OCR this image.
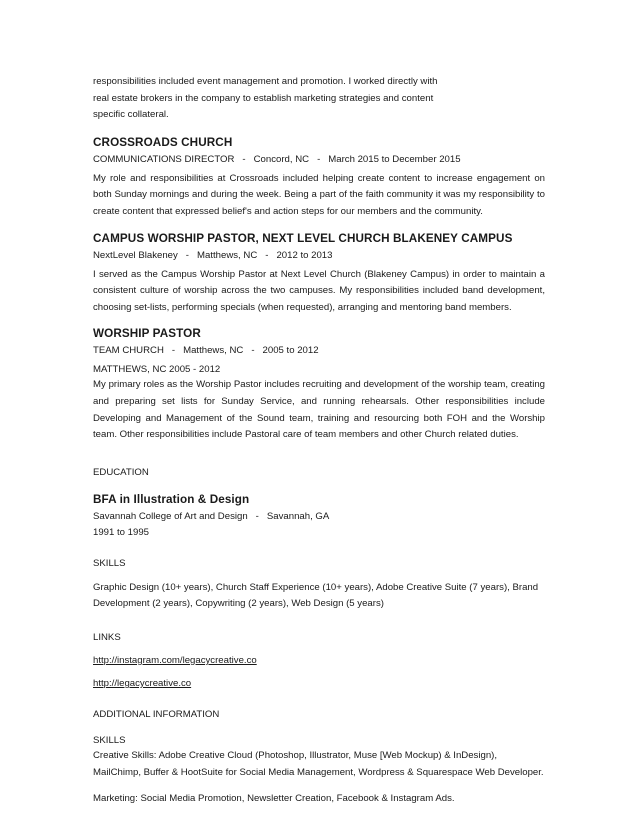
responsibilities included event management and promotion. I worked directly with real estate brokers in the company to establish marketing strategies and content specific collateral.

CROSSROADS CHURCH

COMMUNICATIONS DIRECTOR - Concord, NC - March 2015 to December 2015

My role and responsibilities at Crossroads included helping create content to increase engagement on both Sunday mornings and during the week. Being a part of the faith community it was my responsibility to create content that expressed belief's and action steps for our members and the community.

CAMPUS WORSHIP PASTOR, NEXT LEVEL CHURCH BLAKENEY CAMPUS

NextLevel Blakeney - Matthews, NC - 2012 to 2013

I served as the Campus Worship Pastor at Next Level Church (Blakeney Campus) in order to maintain a consistent culture of worship across the two campuses. My responsibilities included band development, choosing set-lists, performing specials (when requested), arranging and mentoring band members.

WORSHIP PASTOR

TEAM CHURCH - Matthews, NC - 2005 to 2012

MATTHEWS, NC 2005 - 2012

My primary roles as the Worship Pastor includes recruiting and development of the worship team, creating and preparing set lists for Sunday Service, and running rehearsals. Other responsibilities include Developing and Management of the Sound team, training and resourcing both FOH and the Worship team. Other responsibilities include Pastoral care of team members and other Church related duties.

EDUCATION

BFA in Illustration & Design

Savannah College of Art and Design - Savannah, GA

1991 to 1995

SKILLS

Graphic Design (10+ years), Church Staff Experience (10+ years), Adobe Creative Suite (7 years), Brand Development (2 years), Copywriting (2 years), Web Design (5 years)

LINKS

http://instagram.com/legacycreative.co

http://legacycreative.co

ADDITIONAL INFORMATION

SKILLS

Creative Skills: Adobe Creative Cloud (Photoshop, Illustrator, Muse [Web Mockup) & InDesign), MailChimp, Buffer & HootSuite for Social Media Management, Wordpress & Squarespace Web Developer.

Marketing: Social Media Promotion, Newsletter Creation, Facebook & Instagram Ads.
